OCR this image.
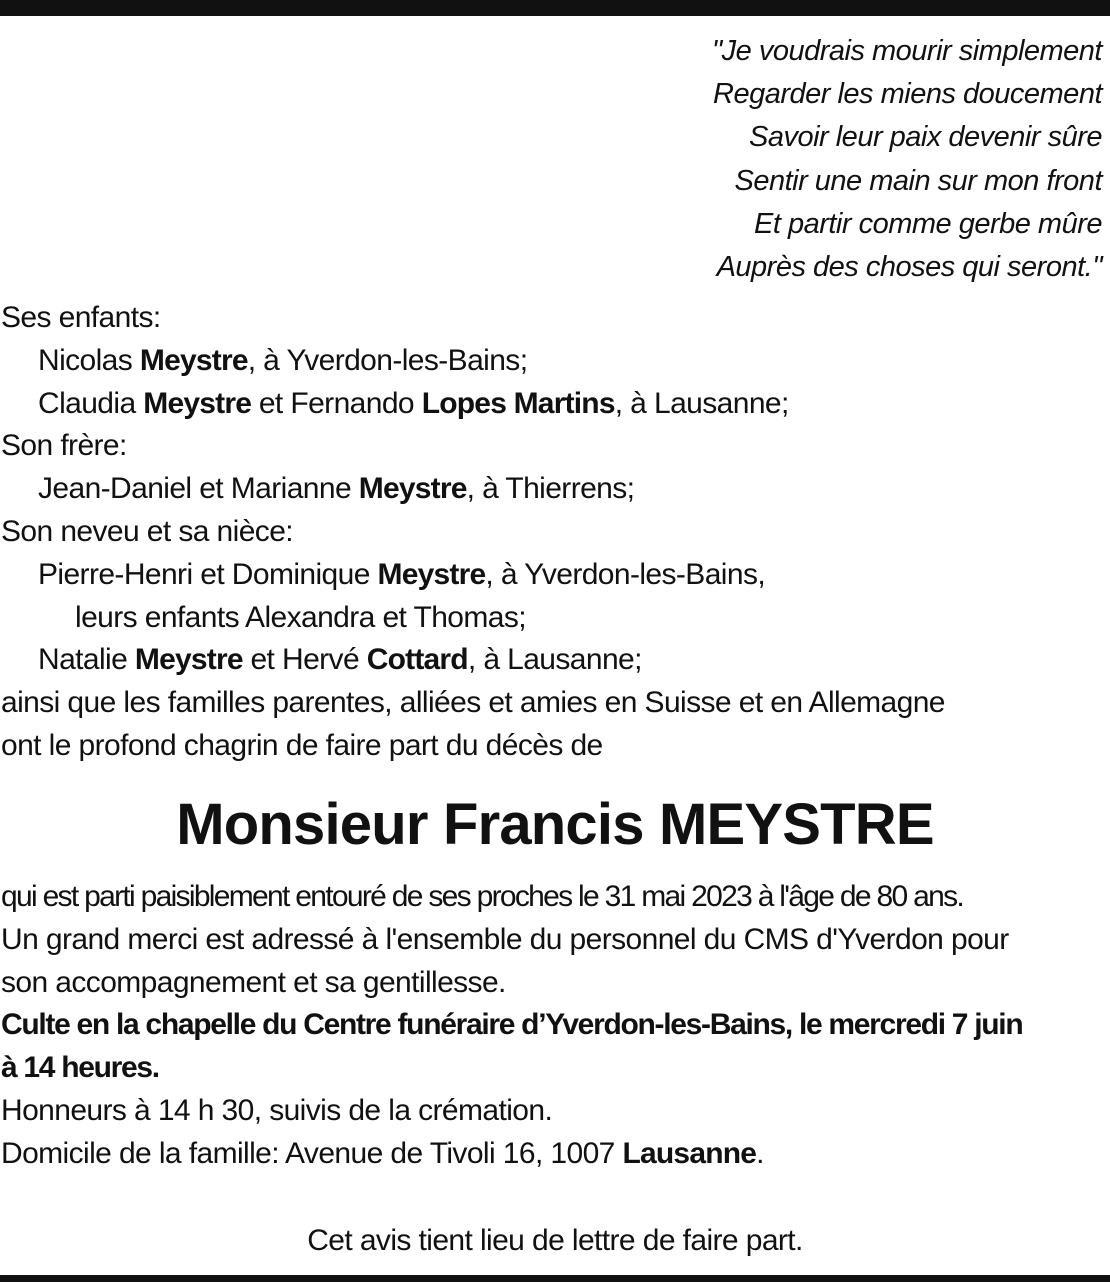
"Je voudrais mourir simplement
Regarder les miens doucement
Savoir leur paix devenir sûre
Sentir une main sur mon front
Et partir comme gerbe mûre
Auprès des choses qui seront."
Ses enfants:
Nicolas Meystre, à Yverdon-les-Bains;
Claudia Meystre et Fernando Lopes Martins, à Lausanne;
Son frère:
Jean-Daniel et Marianne Meystre, à Thierrens;
Son neveu et sa nièce:
Pierre-Henri et Dominique Meystre, à Yverdon-les-Bains,
leurs enfants Alexandra et Thomas;
Natalie Meystre et Hervé Cottard, à Lausanne;
ainsi que les familles parentes, alliées et amies en Suisse et en Allemagne
ont le profond chagrin de faire part du décès de
Monsieur Francis MEYSTRE
qui est parti paisiblement entouré de ses proches le 31 mai 2023 à l'âge de 80 ans.
Un grand merci est adressé à l'ensemble du personnel du CMS d'Yverdon pour
son accompagnement et sa gentillesse.
Culte en la chapelle du Centre funéraire d’Yverdon-les-Bains, le mercredi 7 juin
à 14 heures.
Honneurs à 14 h 30, suivis de la crémation.
Domicile de la famille: Avenue de Tivoli 16, 1007 Lausanne.
Cet avis tient lieu de lettre de faire part.
